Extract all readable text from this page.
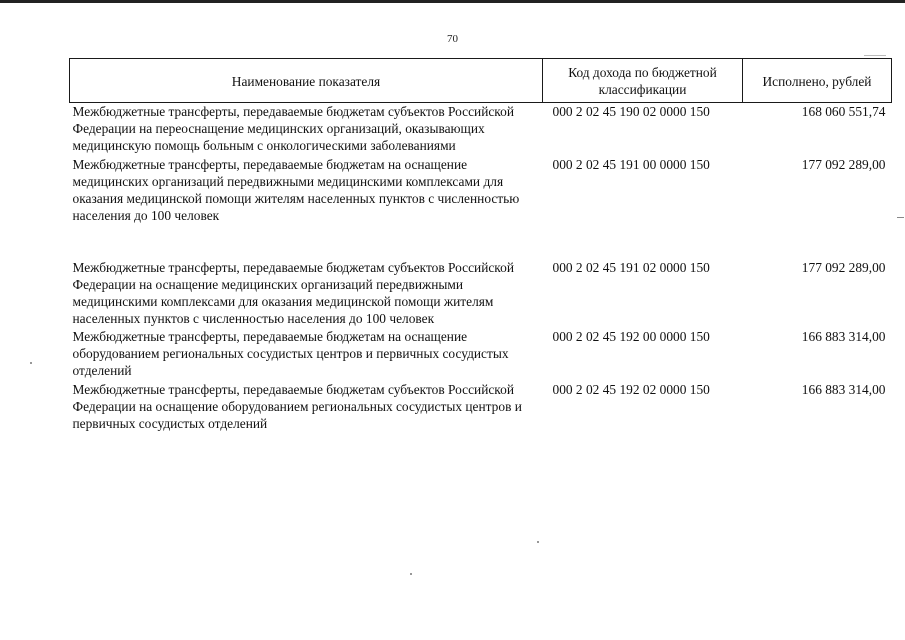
70
Наименование показателя	Код дохода по бюджетной классификации	Исполнено, рублей
Межбюджетные трансферты, передаваемые бюджетам субъектов Российской Федерации на переоснащение медицинских организаций, оказывающих медицинскую помощь больным с онкологическими заболеваниями	000 2 02 45 190 02 0000 150	168 060 551,74
Межбюджетные трансферты, передаваемые бюджетам на оснащение медицинских организаций передвижными медицинскими комплексами для оказания медицинской помощи жителям населенных пунктов с численностью населения до 100 человек	000 2 02 45 191 00 0000 150	177 092 289,00
Межбюджетные трансферты, передаваемые бюджетам субъектов Российской Федерации на оснащение медицинских организаций передвижными медицинскими комплексами для оказания медицинской помощи жителям населенных пунктов с численностью населения до 100 человек	000 2 02 45 191 02 0000 150	177 092 289,00
Межбюджетные трансферты, передаваемые бюджетам на оснащение оборудованием региональных сосудистых центров и первичных сосудистых отделений	000 2 02 45 192 00 0000 150	166 883 314,00
Межбюджетные трансферты, передаваемые бюджетам субъектов Российской Федерации на оснащение оборудованием региональных сосудистых центров и первичных сосудистых отделений	000 2 02 45 192 02 0000 150	166 883 314,00
